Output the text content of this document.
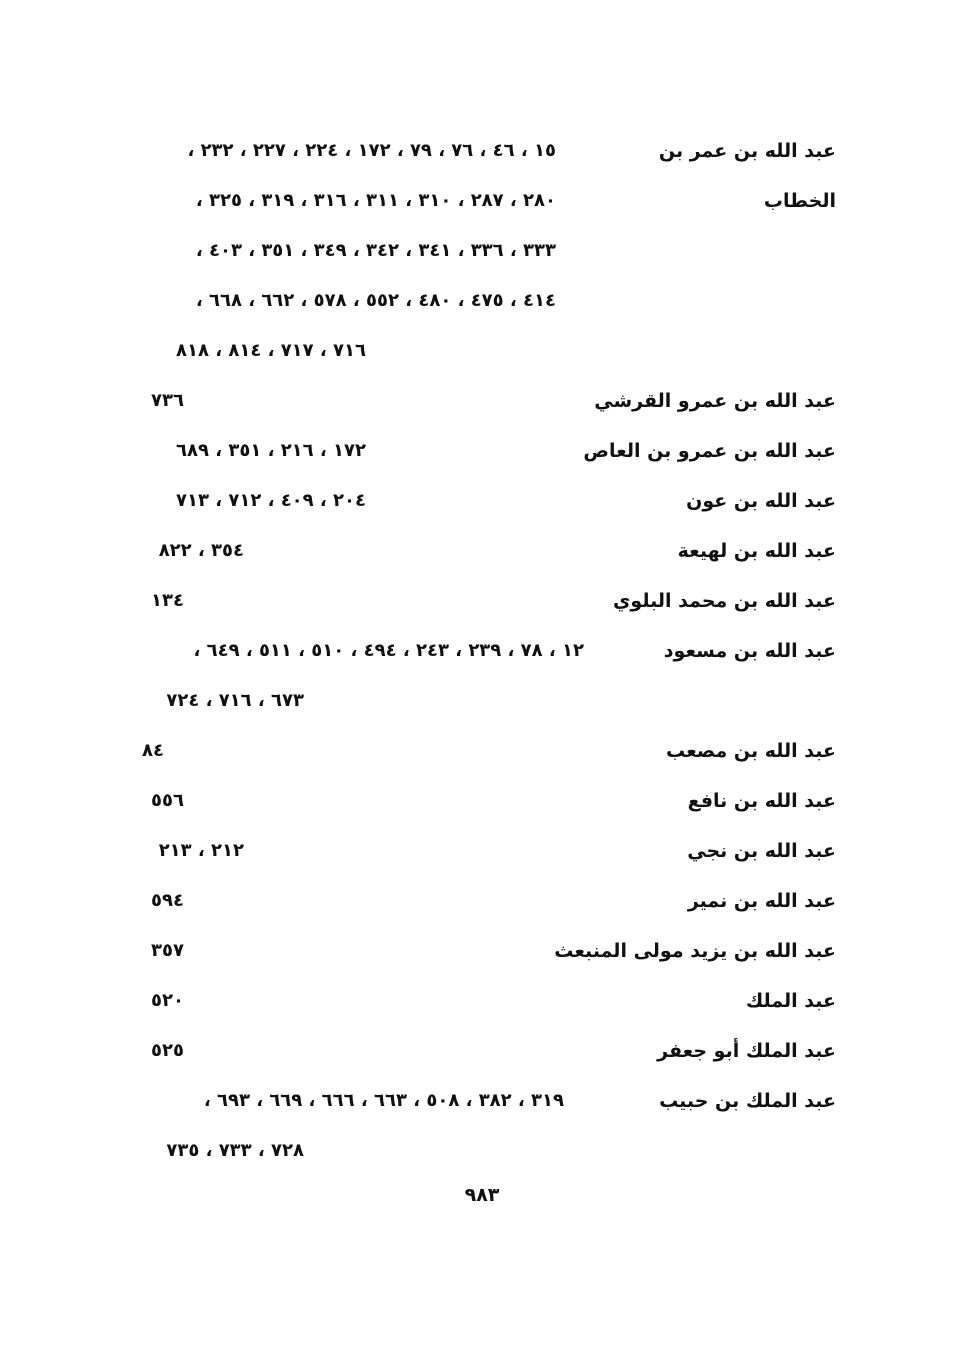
عبد الله بن عمر بن
١٥ ، ٤٦ ، ٧٦ ، ٧٩ ، ١٧٢ ، ٢٢٤ ، ٢٢٧ ، ٢٣٢ ،
الخطاب
٢٨٠ ، ٢٨٧ ، ٣١٠ ، ٣١١ ، ٣١٦ ، ٣١٩ ، ٣٢٥ ،
٣٣٣ ، ٣٣٦ ، ٣٤١ ، ٣٤٢ ، ٣٤٩ ، ٣٥١ ، ٤٠٣ ،
٤١٤ ، ٤٧٥ ، ٤٨٠ ، ٥٥٢ ، ٥٧٨ ، ٦٦٢ ، ٦٦٨ ،
٧١٦ ، ٧١٧ ، ٨١٤ ، ٨١٨
عبد الله بن عمرو القرشي
٧٣٦
عبد الله بن عمرو بن العاص
١٧٢ ، ٢١٦ ، ٣٥١ ، ٦٨٩
عبد الله بن عون
٢٠٤ ، ٤٠٩ ، ٧١٢ ، ٧١٣
عبد الله بن لهيعة
٣٥٤ ، ٨٢٢
عبد الله بن محمد البلوي
١٣٤
عبد الله بن مسعود
١٢ ، ٧٨ ، ٢٣٩ ، ٢٤٣ ، ٤٩٤ ، ٥١٠ ، ٥١١ ، ٦٤٩ ،
٦٧٣ ، ٧١٦ ، ٧٢٤
عبد الله بن مصعب
٨٤
عبد الله بن نافع
٥٥٦
عبد الله بن نجي
٢١٢ ، ٢١٣
عبد الله بن نمير
٥٩٤
عبد الله بن يزيد مولى المنبعث
٣٥٧
عبد الملك
٥٢٠
عبد الملك أبو جعفر
٥٢٥
عبد الملك بن حبيب
٣١٩ ، ٣٨٢ ، ٥٠٨ ، ٦٦٣ ، ٦٦٦ ، ٦٦٩ ، ٦٩٣ ،
٧٢٨ ، ٧٣٣ ، ٧٣٥
٩٨٣
